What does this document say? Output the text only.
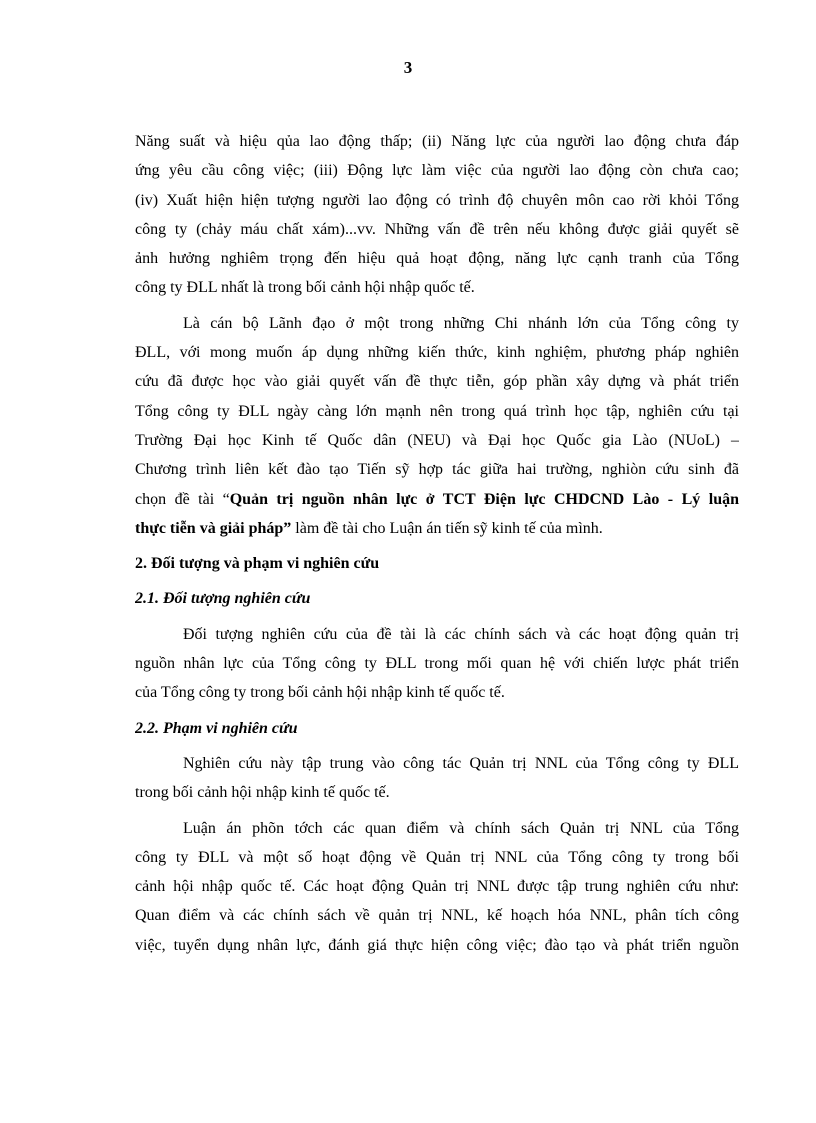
3
Năng suất và hiệu qủa lao động thấp; (ii) Năng lực của người lao động chưa đáp
ứng yêu cầu công việc; (iii) Động lực làm việc của người lao động còn chưa cao;
(iv) Xuất hiện hiện tượng người lao động có trình độ chuyên môn cao rời khỏi Tổng
công ty (chảy máu chất xám)...vv. Những vấn đề trên nếu không được giải quyết sẽ
ảnh hưởng nghiêm trọng đến hiệu quả hoạt động, năng lực cạnh tranh của Tổng
công ty ĐLL nhất là trong bối cảnh hội nhập quốc tế.
Là cán bộ Lãnh đạo ở một trong những Chi nhánh lớn của Tổng công ty
ĐLL, với mong muốn áp dụng những kiến thức, kinh nghiệm, phương pháp nghiên
cứu đã được học vào giải quyết vấn đề thực tiễn, góp phần xây dựng và phát triển
Tổng công ty ĐLL ngày càng lớn mạnh nên trong quá trình học tập, nghiên cứu tại
Trường Đại học Kinh tế Quốc dân (NEU) và Đại học Quốc gia Lào (NUoL) –
Chương trình liên kết đào tạo Tiến sỹ hợp tác giữa hai trường, nghiòn cứu sinh đã
chọn đề tài “Quản trị nguồn nhân lực ở TCT Điện lực CHDCND Lào - Lý luận
thực tiễn và giải pháp” làm đề tài cho Luận án tiến sỹ kinh tế của mình.
2. Đối tượng và phạm vi nghiên cứu
2.1. Đối tượng nghiên cứu
Đối tượng nghiên cứu của đề tài là các chính sách và các hoạt động quản trị
nguồn nhân lực của Tổng công ty ĐLL trong mối quan hệ với chiến lược phát triển
của Tổng công ty trong bối cảnh hội nhập kinh tế quốc tế.
2.2. Phạm vi nghiên cứu
Nghiên cứu này tập trung vào công tác Quản trị NNL của Tổng công ty ĐLL
trong bối cảnh hội nhập kinh tế quốc tế.
Luận án phõn tớch các quan điểm và chính sách Quản trị NNL của Tổng
công ty ĐLL và một số hoạt động về Quản trị NNL của Tổng công ty trong bối
cảnh hội nhập quốc tế. Các hoạt động Quản trị NNL được tập trung nghiên cứu như:
Quan điểm và các chính sách về quản trị NNL, kế hoạch hóa NNL, phân tích công
việc, tuyển dụng nhân lực, đánh giá thực hiện công việc; đào tạo và phát triển nguồn
